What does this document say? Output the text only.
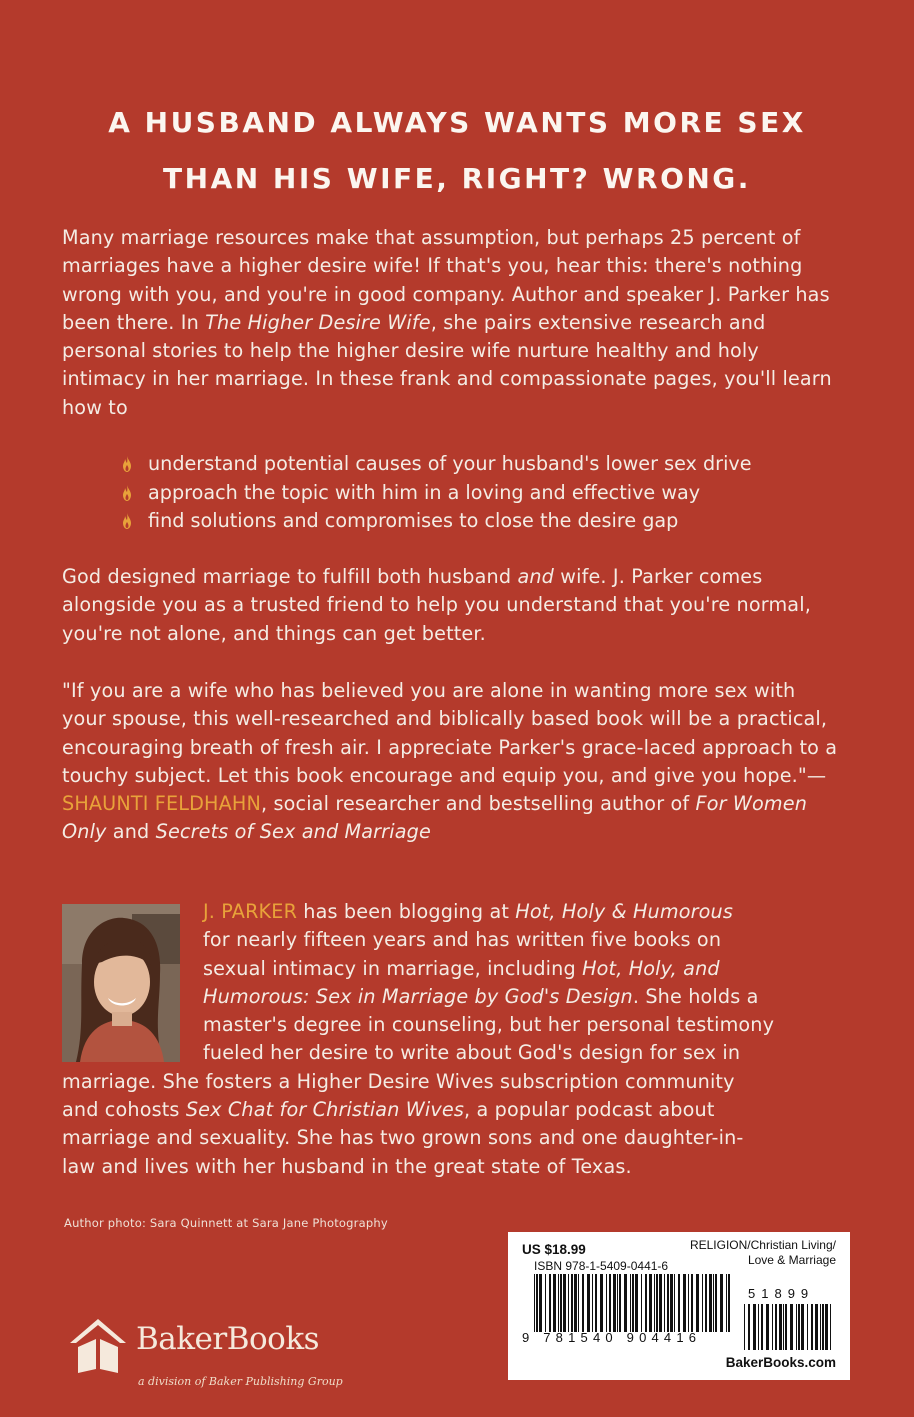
A HUSBAND ALWAYS WANTS MORE SEX
THAN HIS WIFE, RIGHT? WRONG.
Many marriage resources make that assumption, but perhaps 25 percent of marriages have a higher desire wife! If that's you, hear this: there's nothing wrong with you, and you're in good company. Author and speaker J. Parker has been there. In The Higher Desire Wife, she pairs extensive research and personal stories to help the higher desire wife nurture healthy and holy intimacy in her marriage. In these frank and compassionate pages, you'll learn how to
understand potential causes of your husband's lower sex drive
approach the topic with him in a loving and effective way
find solutions and compromises to close the desire gap
God designed marriage to fulfill both husband and wife. J. Parker comes alongside you as a trusted friend to help you understand that you're normal, you're not alone, and things can get better.
"If you are a wife who has believed you are alone in wanting more sex with your spouse, this well-researched and biblically based book will be a practical, encouraging breath of fresh air. I appreciate Parker's grace-laced approach to a touchy subject. Let this book encourage and equip you, and give you hope."—SHAUNTI FELDHAHN, social researcher and bestselling author of For Women Only and Secrets of Sex and Marriage
J. PARKER has been blogging at Hot, Holy & Humorous
for nearly fifteen years and has written five books on
sexual intimacy in marriage, including Hot, Holy, and
Humorous: Sex in Marriage by God's Design. She holds a
master's degree in counseling, but her personal testimony
fueled her desire to write about God's design for sex in
marriage. She fosters a Higher Desire Wives subscription community
and cohosts Sex Chat for Christian Wives, a popular podcast about
marriage and sexuality. She has two grown sons and one daughter-in-
law and lives with her husband in the great state of Texas.
Author photo: Sara Quinnett at Sara Jane Photography
BakerBooks
a division of Baker Publishing Group
US $18.99	RELIGION/Christian Living/
Love & Marriage
ISBN 978-1-5409-0441-6
9 781540 904416
51899
BakerBooks.com
